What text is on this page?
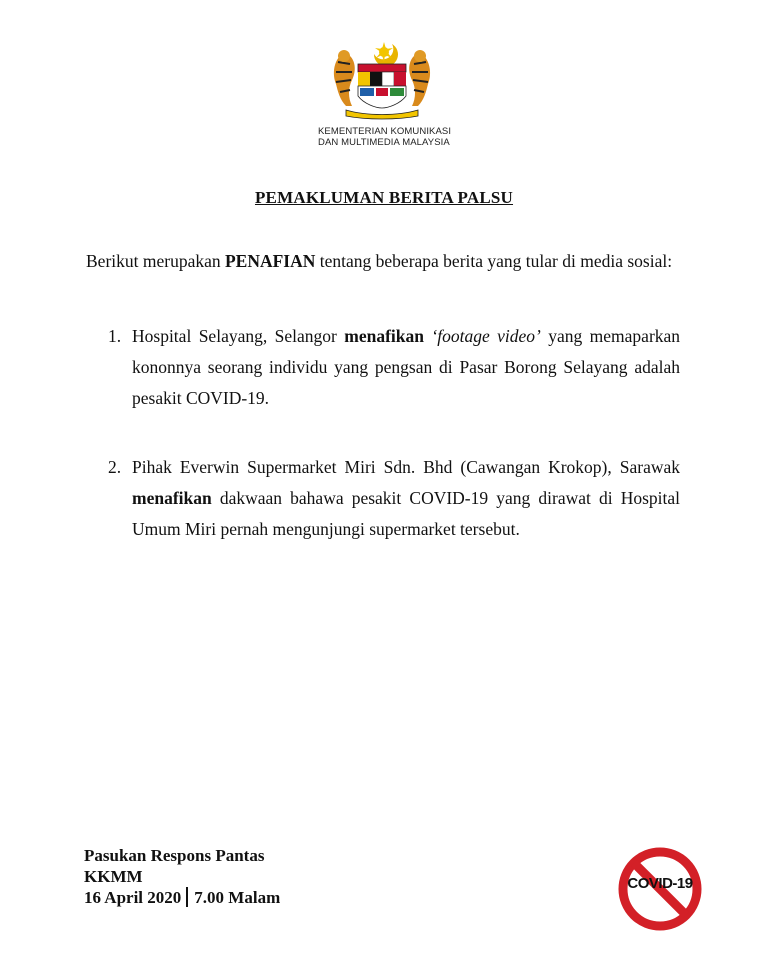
KEMENTERIAN KOMUNIKASI
DAN MULTIMEDIA MALAYSIA
PEMAKLUMAN BERITA PALSU
Berikut merupakan PENAFIAN tentang beberapa berita yang tular di media sosial:
1. Hospital Selayang, Selangor menafikan ‘footage video’ yang memaparkan kononnya seorang individu yang pengsan di Pasar Borong Selayang adalah pesakit COVID-19.
2. Pihak Everwin Supermarket Miri Sdn. Bhd (Cawangan Krokop), Sarawak menafikan dakwaan bahawa pesakit COVID-19 yang dirawat di Hospital Umum Miri pernah mengunjungi supermarket tersebut.
Pasukan Respons Pantas
KKMM
16 April 2020 7.00 Malam
COVID-19
